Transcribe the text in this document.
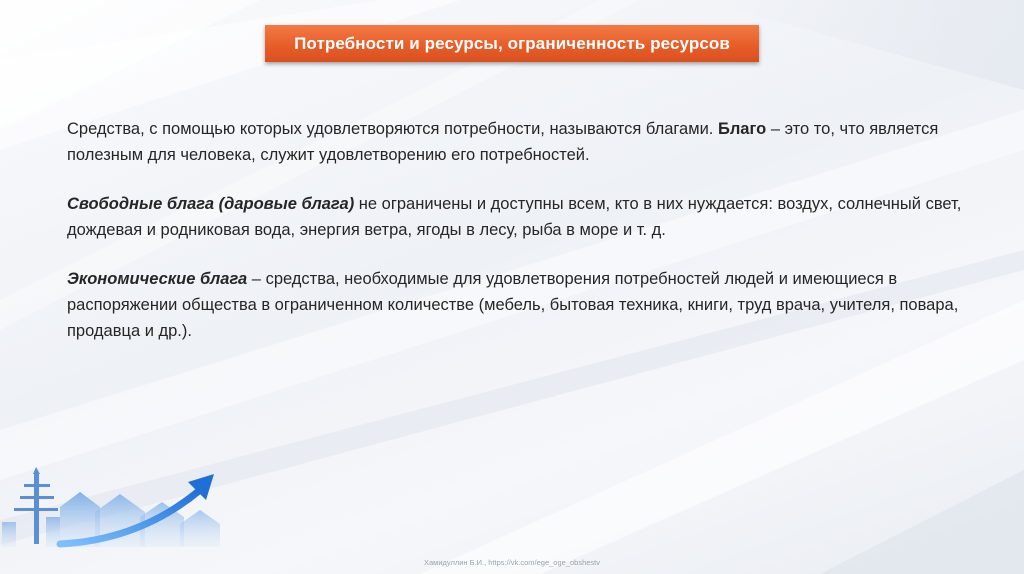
Потребности и ресурсы, ограниченность ресурсов

Средства, с помощью которых удовлетворяются потребности, называются благами. Благо – это то, что является полезным для человека, служит удовлетворению его потребностей.

Свободные блага (даровые блага) не ограничены и доступны всем, кто в них нуждается: воздух, солнечный свет, дождевая и родниковая вода, энергия ветра, ягоды в лесу, рыба в море и т. д.

Экономические блага – средства, необходимые для удовлетворения потребностей людей и имеющиеся в распоряжении общества в ограниченном количестве (мебель, бытовая техника, книги, труд врача, учителя, повара, продавца и др.).

Хамидуллин Б.И., https://vk.com/ege_oge_obshestv
